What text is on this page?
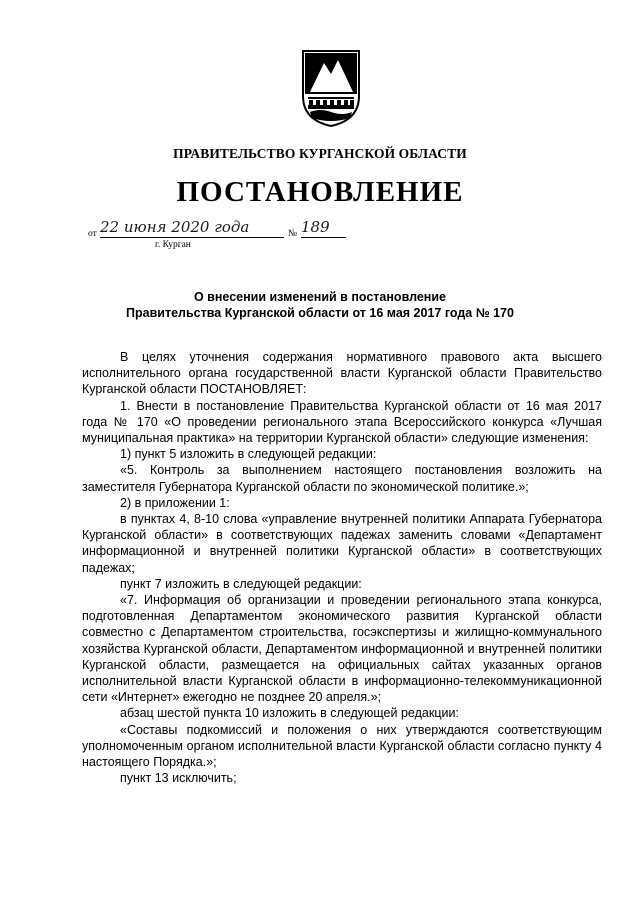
ПРАВИТЕЛЬСТВО КУРГАНСКОЙ ОБЛАСТИ
ПОСТАНОВЛЕНИЕ
от 22 июня 2020 года	№ 189
г. Курган
О внесении изменений в постановление
Правительства Курганской области от 16 мая 2017 года № 170

В целях уточнения содержания нормативного правового акта высшего исполнительного органа государственной власти Курганской области Правительство Курганской области ПОСТАНОВЛЯЕТ:

1. Внести в постановление Правительства Курганской области от 16 мая 2017 года № 170 «О проведении регионального этапа Всероссийского конкурса «Лучшая муниципальная практика» на территории Курганской области» следующие изменения:

1) пункт 5 изложить в следующей редакции:

«5. Контроль за выполнением настоящего постановления возложить на заместителя Губернатора Курганской области по экономической политике.»;

2) в приложении 1:

в пунктах 4, 8-10 слова «управление внутренней политики Аппарата Губернатора Курганской области» в соответствующих падежах заменить словами «Департамент информационной и внутренней политики Курганской области» в соответствующих падежах;

пункт 7 изложить в следующей редакции:

«7. Информация об организации и проведении регионального этапа конкурса, подготовленная Департаментом экономического развития Курганской области совместно с Департаментом строительства, госэкспертизы и жилищно-коммунального хозяйства Курганской области, Департаментом информационной и внутренней политики Курганской области, размещается на официальных сайтах указанных органов исполнительной власти Курганской области в информационно-телекоммуникационной сети «Интернет» ежегодно не позднее 20 апреля.»;

абзац шестой пункта 10 изложить в следующей редакции:

«Составы подкомиссий и положения о них утверждаются соответствующим уполномоченным органом исполнительной власти Курганской области согласно пункту 4 настоящего Порядка.»;

пункт 13 исключить;
